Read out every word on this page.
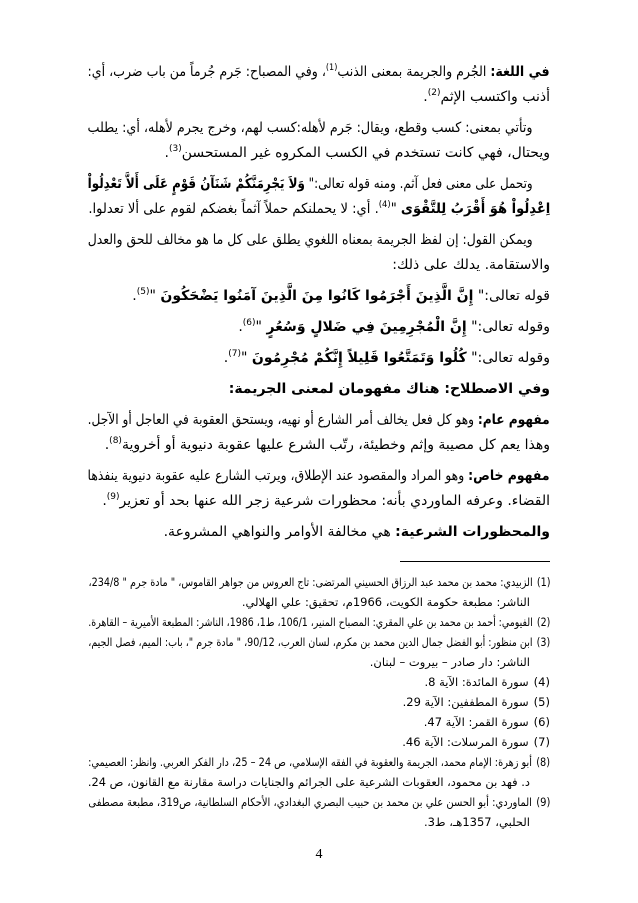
في اللغة: الجُرم والجريمة بمعنى الذنب$^{(1)}$، وفي المصباح: جَرم جُرماً من باب ضرب، أي:
أذنب واكتسب الإثم$^{(2)}$.
وتأتي بمعنى: كسب وقطع، ويقال: جَرم لأهله:كسب لهم، وخرج يجرم لأهله، أي: يطلب
ويحتال، فهي كانت تستخدم في الكسب المكروه غير المستحسن$^{(3)}$.
وتحمل على معنى فعل آثم. ومنه قوله تعالى:" وَلاَ يَجْرِمَنَّكُمْ شَنَآنُ قَوْمٍ عَلَى أَلاَّ تَعْدِلُواْ
اِعْدِلُواْ هُوَ أَقْرَبُ لِلتَّقْوَى "$^{(4)}$. أي: لا يحملنكم حملاً آثماً بغضكم لقوم على ألا تعدلوا.
ويمكن القول: إن لفظ الجريمة بمعناه اللغوي يطلق على كل ما هو مخالف للحق والعدل
والاستقامة. يدلك على ذلك:
قوله تعالى:" إِنَّ الَّذِينَ أَجْرَمُوا كَانُوا مِنَ الَّذِينَ آمَنُوا يَضْحَكُونَ "$^{(5)}$.
وقوله تعالى:" إِنَّ الْمُجْرِمِينَ فِي ضَلالٍ وَسُعُرٍ "$^{(6)}$.
وقوله تعالى:" كُلُوا وَتَمَتَّعُوا قَلِيلاً إِنَّكُمْ مُجْرِمُونَ "$^{(7)}$.
وفي الاصطلاح: هناك مفهومان لمعنى الجريمة:
مفهوم عام: وهو كل فعل يخالف أمر الشارع أو نهيه، ويستحق العقوبة في العاجل أو الآجل.
وهذا يعم كل مصيبة وإثم وخطيئة، رتّب الشرع عليها عقوبة دنيوية أو أخروية$^{(8)}$.
مفهوم خاص: وهو المراد والمقصود عند الإطلاق، ويرتب الشارع عليه عقوبة دنيوية ينفذها
القضاء. وعرفه الماوردي بأنه: محظورات شرعية زجر الله عنها بحد أو تعزير$^{(9)}$.
والمحظورات الشرعية: هي مخالفة الأوامر والنواهي المشروعة.
(1)الزبيدي: محمد بن محمد عبد الرزاق الحسيني المرتضى: تاج العروس من جواهر القاموس، " مادة جرم " 234/8،
الناشر: مطبعة حكومة الكويت، 1966م، تحقيق: علي الهلالي.
(2)الفيومي: أحمد بن محمد بن علي المقري: المصباح المنير، 106/1، ط1، 1986، الناشر: المطبعة الأميرية – القاهرة.
(3)ابن منظور: أبو الفضل جمال الدين محمد بن مكرم، لسان العرب، 90/12، " مادة جرم "، باب: الميم، فصل الجيم،
الناشر: دار صادر – بيروت – لبنان.
(4)سورة المائدة: الآية 8.
(5)سورة المطففين: الآية 29.
(6)سورة القمر: الآية 47.
(7)سورة المرسلات: الآية 46.
(8)أبو زهرة: الإمام محمد، الجريمة والعقوبة في الفقه الإسلامي، ص 24 – 25، دار الفكر العربي. وانظر: العصيمي:
د. فهد بن محمود، العقوبات الشرعية على الجرائم والجنايات دراسة مقارنة مع القانون، ص 24.
(9)الماوردي: أبو الحسن علي بن محمد بن حبيب البصري البغدادي، الأحكام السلطانية، ص319، مطبعة مصطفى
الحلبي، 1357هـ، ط3.
4
